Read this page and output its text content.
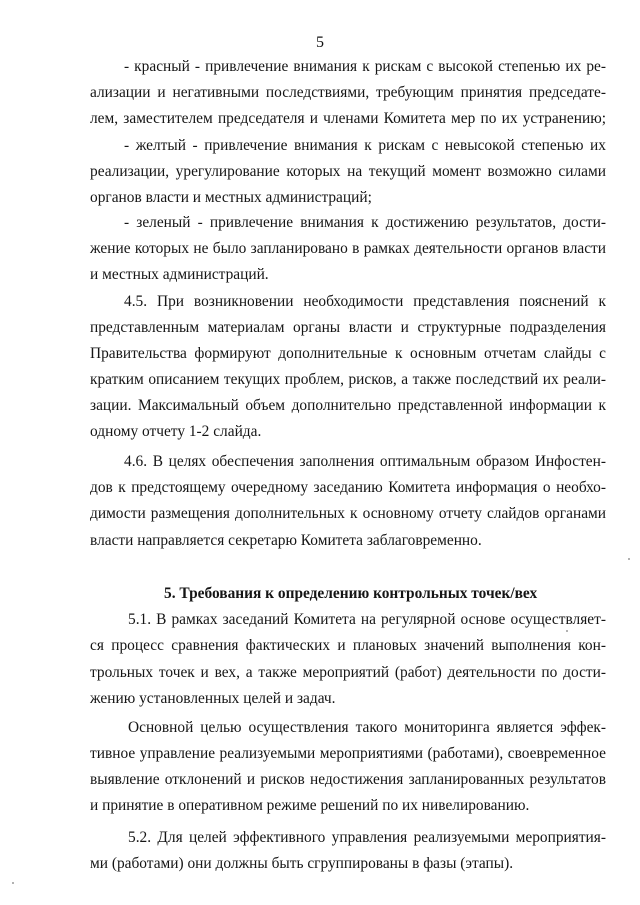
5

- красный - привлечение внимания к рискам с высокой степенью их ре-

ализации и негативными последствиями, требующим принятия председате-

лем, заместителем председателя и членами Комитета мер по их устранению;

- желтый - привлечение внимания к рискам с невысокой степенью их

реализации, урегулирование которых на текущий момент возможно силами

органов власти и местных администраций;

- зеленый - привлечение внимания к достижению результатов, дости-

жение которых не было запланировано в рамках деятельности органов власти

и местных администраций.

4.5. При возникновении необходимости представления пояснений к

представленным материалам органы власти и структурные подразделения

Правительства формируют дополнительные к основным отчетам слайды с

кратким описанием текущих проблем, рисков, а также последствий их реали-

зации. Максимальный объем дополнительно представленной информации к

одному отчету 1-2 слайда.

4.6. В целях обеспечения заполнения оптимальным образом Инфостен-

дов к предстоящему очередному заседанию Комитета информация о необхо-

димости размещения дополнительных к основному отчету слайдов органами

власти направляется секретарю Комитета заблаговременно.

5. Требования к определению контрольных точек/вех

5.1. В рамках заседаний Комитета на регулярной основе осуществляет-

ся процесс сравнения фактических и плановых значений выполнения кон-

трольных точек и вех, а также мероприятий (работ) деятельности по дости-

жению установленных целей и задач.

Основной целью осуществления такого мониторинга является эффек-

тивное управление реализуемыми мероприятиями (работами), своевременное

выявление отклонений и рисков недостижения запланированных результатов

и принятие в оперативном режиме решений по их нивелированию.

5.2. Для целей эффективного управления реализуемыми мероприятия-

ми (работами) они должны быть сгруппированы в фазы (этапы).
